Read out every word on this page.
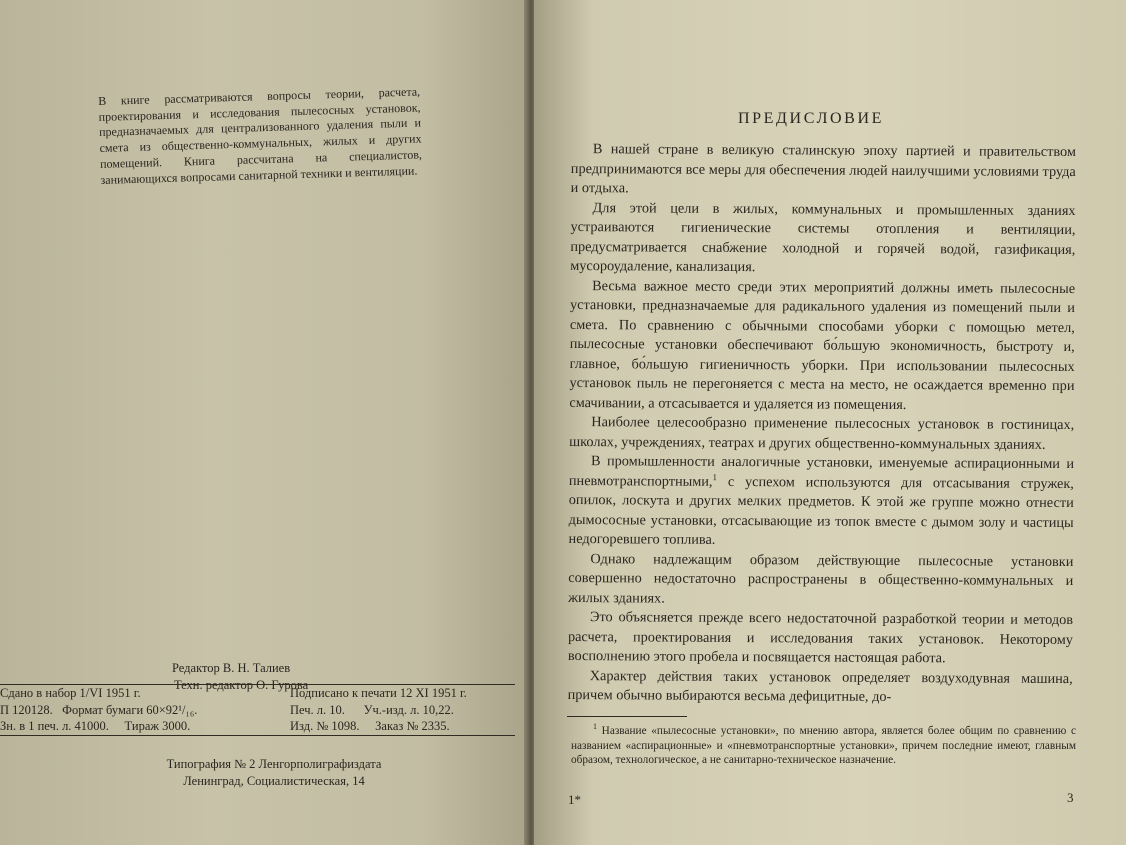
В книге рассматриваются вопросы теории, расчета, проектирования и исследования пылесосных установок, предназначаемых для централизованного удаления пыли и смета из общественно-коммунальных, жилых и других помещений. Книга рассчитана на специалистов, занимающихся вопросами санитарной техники и вентиляции.
Редактор В. Н. Талиев
Техн. редактор О. Гурова
Сдано в набор 1/VI 1951 г.	Подписано к печати 12 XI 1951 г.
П 120128.   Формат бумаги 60×92¹/₁₆.	Печ. л. 10.      Уч.-изд. л. 10,22.
Зн. в 1 печ. л. 41000.     Тираж 3000.	Изд. № 1098.     Заказ № 2335.
Типография № 2 Ленгорполиграфиздата
Ленинград, Социалистическая, 14
ПРЕДИСЛОВИЕ

В нашей стране в великую сталинскую эпоху партией и правительством предпринимаются все меры для обеспечения людей наилучшими условиями труда и отдыха.

Для этой цели в жилых, коммунальных и промышленных зданиях устраиваются гигиенические системы отопления и вентиляции, предусматривается снабжение холодной и горячей водой, газификация, мусороудаление, канализация.

Весьма важное место среди этих мероприятий должны иметь пылесосные установки, предназначаемые для радикального удаления из помещений пыли и смета. По сравнению с обычными способами уборки с помощью метел, пылесосные установки обеспечивают бо́льшую экономичность, быстроту и, главное, бо́льшую гигиеничность уборки. При использовании пылесосных установок пыль не перегоняется с места на место, не осаждается временно при смачивании, а отсасывается и удаляется из помещения.

Наиболее целесообразно применение пылесосных установок в гостиницах, школах, учреждениях, театрах и других общественно-коммунальных зданиях.

В промышленности аналогичные установки, именуемые аспирационными и пневмотранспортными,$^1$ с успехом используются для отсасывания стружек, опилок, лоскута и других мелких предметов. К этой же группе можно отнести дымососные установки, отсасывающие из топок вместе с дымом золу и частицы недогоревшего топлива.

Однако надлежащим образом действующие пылесосные установки совершенно недостаточно распространены в общественно-коммунальных и жилых зданиях.

Это объясняется прежде всего недостаточной разработкой теории и методов расчета, проектирования и исследования таких установок. Некоторому восполнению этого пробела и посвящается настоящая работа.

Характер действия таких установок определяет воздуходувная машина, причем обычно выбираются весьма дефицитные, до-

$^1$ Название «пылесосные установки», по мнению автора, является более общим по сравнению с названием «аспирационные» и «пневмотранспортные установки», причем последние имеют, главным образом, технологическое, а не санитарно-техническое назначение.

1*	3
